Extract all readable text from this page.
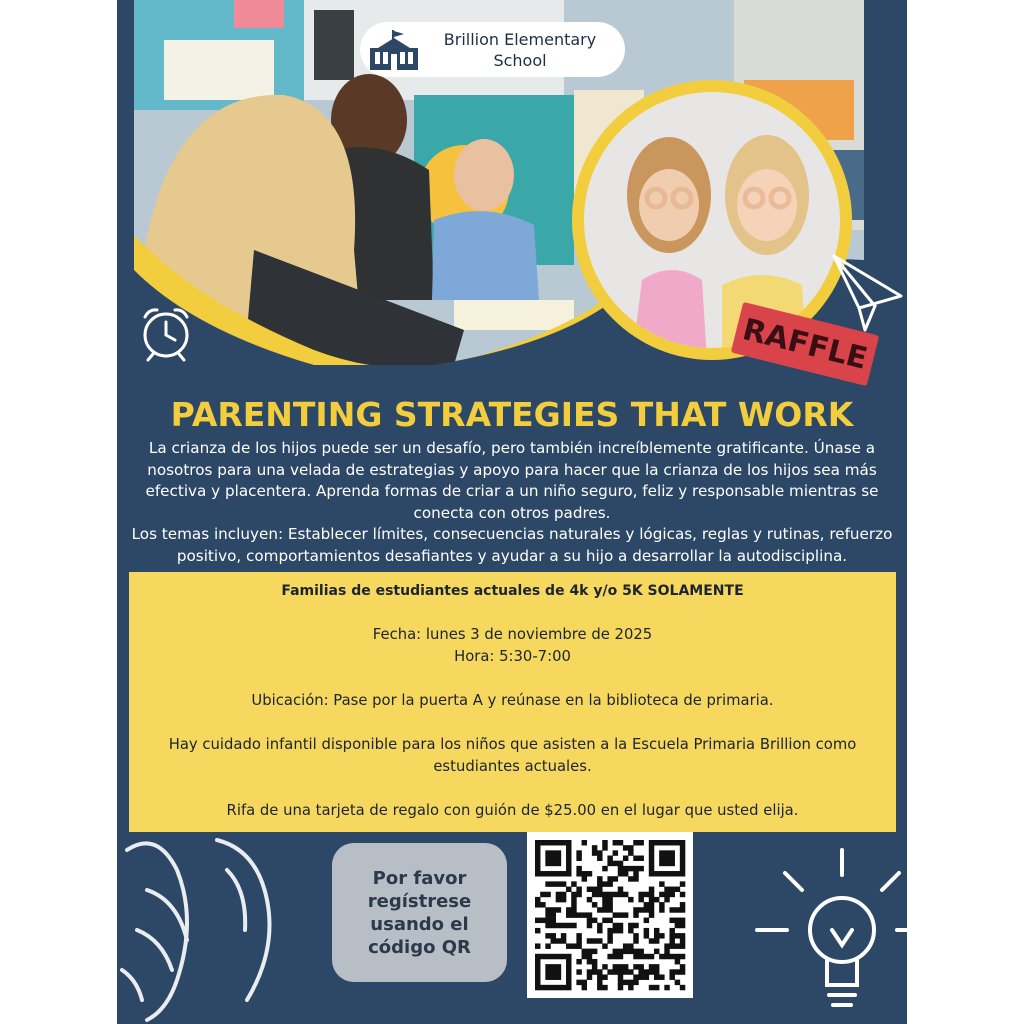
RAFFLE
Brillion Elementary
School
PARENTING STRATEGIES THAT WORK

La crianza de los hijos puede ser un desafío, pero también increíblemente gratificante. Únase a nosotros para una velada de estrategias y apoyo para hacer que la crianza de los hijos sea más efectiva y placentera. Aprenda formas de criar a un niño seguro, feliz y responsable mientras se conecta con otros padres.

Los temas incluyen: Establecer límites, consecuencias naturales y lógicas, reglas y rutinas, refuerzo positivo, comportamientos desafiantes y ayudar a su hijo a desarrollar la autodisciplina.

Familias de estudiantes actuales de 4k y/o 5K SOLAMENTE

Fecha: lunes 3 de noviembre de 2025

Hora: 5:30-7:00

Ubicación: Pase por la puerta A y reúnase en la biblioteca de primaria.

Hay cuidado infantil disponible para los niños que asisten a la Escuela Primaria Brillion como estudiantes actuales.

Rifa de una tarjeta de regalo con guión de $25.00 en el lugar que usted elija.

Por favor
regístrese
usando el
código QR
